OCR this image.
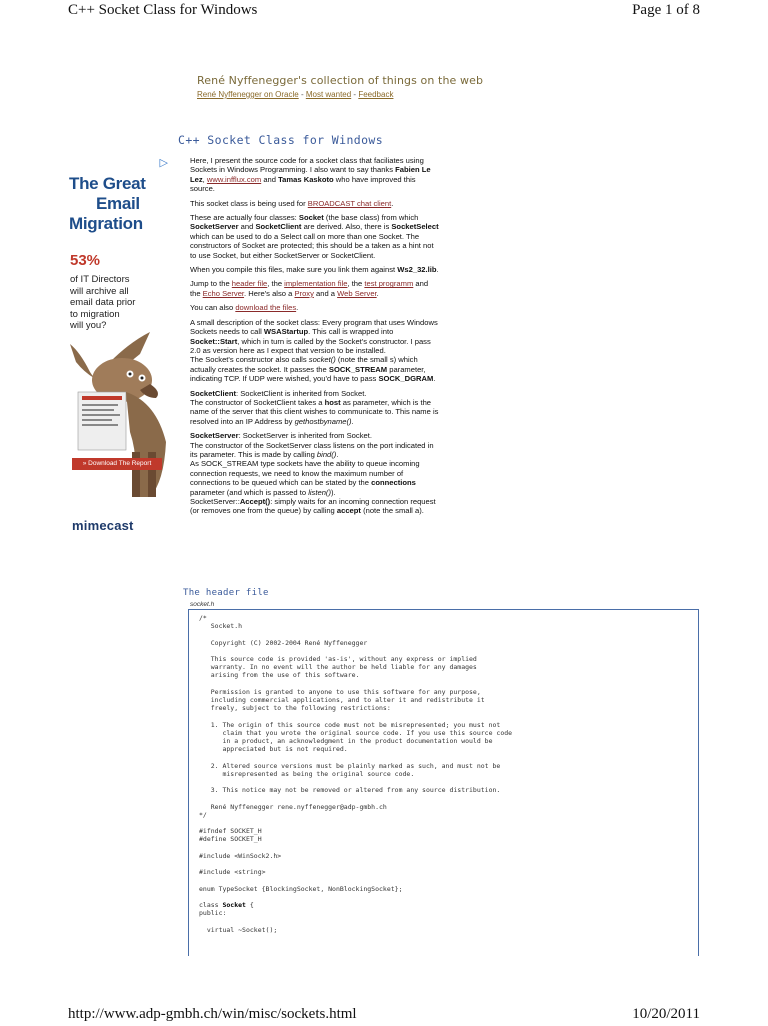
C++ Socket Class for Windows	Page 1 of 8
René Nyffenegger's collection of things on the web
René Nyffenegger on Oracle - Most wanted - Feedback
C++ Socket Class for Windows
▷
The Great
Email
Migration
53%
of IT Directors
will archive all
email data prior
to migration
will you?
» Download The Report
mimecast

Here, I present the source code for a socket class that faciliates using Sockets in Windows Programming. I also want to say thanks Fabien Le Lez, www.infflux.com and Tamas Kaskoto who have improved this source.

This socket class is being used for BROADCAST chat client.

These are actually four classes: Socket (the base class) from which SocketServer and SocketClient are derived. Also, there is SocketSelect which can be used to do a Select call on more than one Socket. The constructors of Socket are protected; this should be a taken as a hint not to use Socket, but either SocketServer or SocketClient.

When you compile this files, make sure you link them against Ws2_32.lib.

Jump to the header file, the implementation file, the test programm and the Echo Server. Here's also a Proxy and a Web Server.

You can also download the files.

A small description of the socket class: Every program that uses Windows Sockets needs to call WSAStartup. This call is wrapped into Socket::Start, which in turn is called by the Socket's constructor. I pass 2.0 as version here as I expect that version to be installed.
The Socket's constructor also calls socket() (note the small s) which actually creates the socket. It passes the SOCK_STREAM parameter, indicating TCP. If UDP were wished, you'd have to pass SOCK_DGRAM.

SocketClient: SocketClient is inherited from Socket.
The constructor of SocketClient takes a host as parameter, which is the name of the server that this client wishes to communicate to. This name is resolved into an IP Address by gethostbyname().

SocketServer: SocketServer is inherited from Socket.
The constructor of the SocketServer class listens on the port indicated in its parameter. This is made by calling bind().
As SOCK_STREAM type sockets have the ability to queue incoming connection requests, we need to know the maximum number of connections to be queued which can be stated by the connections parameter (and which is passed to listen()).
SocketServer::Accept(): simply waits for an incoming connection request (or removes one from the queue) by calling accept (note the small a).

The header file
socket.h
/*
Socket.h

Copyright (C) 2002-2004 René Nyffenegger

This source code is provided 'as-is', without any express or implied
warranty. In no event will the author be held liable for any damages
arising from the use of this software.

Permission is granted to anyone to use this software for any purpose,
including commercial applications, and to alter it and redistribute it
freely, subject to the following restrictions:

1. The origin of this source code must not be misrepresented; you must not
claim that you wrote the original source code. If you use this source code
in a product, an acknowledgment in the product documentation would be
appreciated but is not required.

2. Altered source versions must be plainly marked as such, and must not be
misrepresented as being the original source code.

3. This notice may not be removed or altered from any source distribution.

René Nyffenegger rene.nyffenegger@adp-gmbh.ch
*/

#ifndef SOCKET_H
#define SOCKET_H

#include <WinSock2.h>

#include <string>

enum TypeSocket {BlockingSocket, NonBlockingSocket};

class Socket {
public:

virtual ~Socket();
http://www.adp-gmbh.ch/win/misc/sockets.html	10/20/2011
